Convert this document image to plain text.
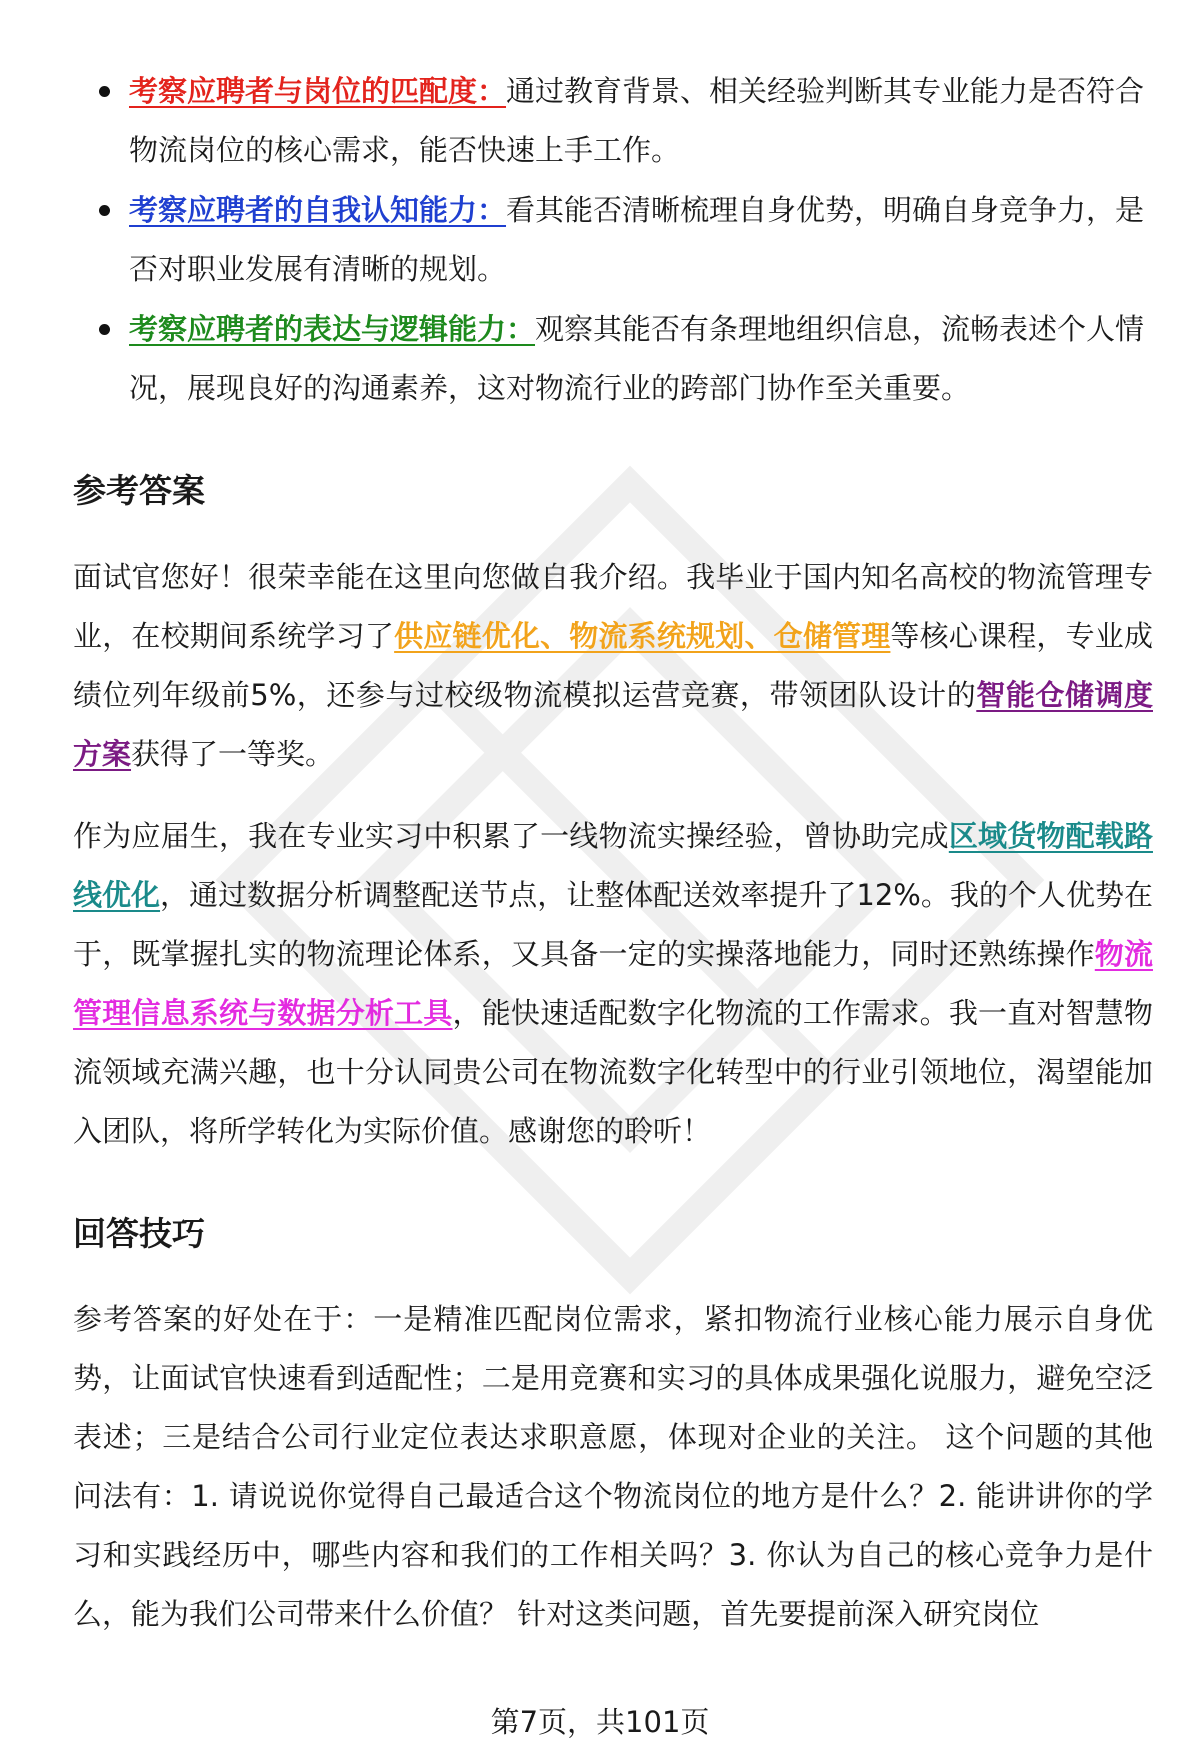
考察应聘者与岗位的匹配度：通过教育背景、相关经验判断其专业能力是否符合物流岗位的核心需求，能否快速上手工作。
考察应聘者的自我认知能力：看其能否清晰梳理自身优势，明确自身竞争力，是否对职业发展有清晰的规划。
考察应聘者的表达与逻辑能力：观察其能否有条理地组织信息，流畅表述个人情况，展现良好的沟通素养，这对物流行业的跨部门协作至关重要。
参考答案

面试官您好！很荣幸能在这里向您做自我介绍。我毕业于国内知名高校的物流管理专业，在校期间系统学习了供应链优化、物流系统规划、仓储管理等核心课程，专业成绩位列年级前5%，还参与过校级物流模拟运营竞赛，带领团队设计的智能仓储调度方案获得了一等奖。

作为应届生，我在专业实习中积累了一线物流实操经验，曾协助完成区域货物配载路线优化，通过数据分析调整配送节点，让整体配送效率提升了12%。我的个人优势在于，既掌握扎实的物流理论体系，又具备一定的实操落地能力，同时还熟练操作物流管理信息系统与数据分析工具，能快速适配数字化物流的工作需求。我一直对智慧物流领域充满兴趣，也十分认同贵公司在物流数字化转型中的行业引领地位，渴望能加入团队，将所学转化为实际价值。感谢您的聆听！

回答技巧

参考答案的好处在于：一是精准匹配岗位需求，紧扣物流行业核心能力展示自身优势，让面试官快速看到适配性；二是用竞赛和实习的具体成果强化说服力，避免空泛表述；三是结合公司行业定位表达求职意愿，体现对企业的关注。 这个问题的其他问法有：1. 请说说你觉得自己最适合这个物流岗位的地方是什么？2. 能讲讲你的学习和实践经历中，哪些内容和我们的工作相关吗？3. 你认为自己的核心竞争力是什么，能为我们公司带来什么价值？ 针对这类问题，首先要提前深入研究岗位

第7页，共101页
